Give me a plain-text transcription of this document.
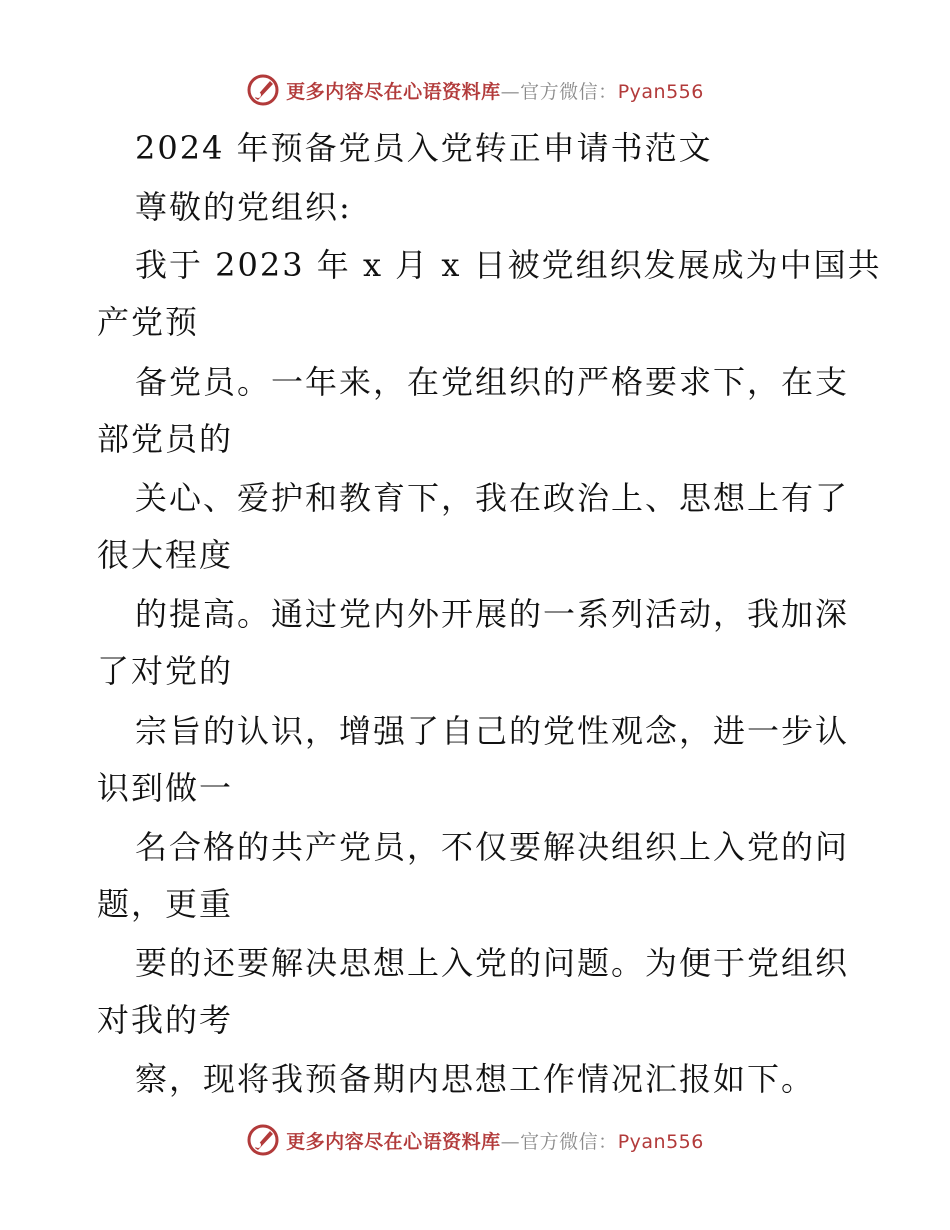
更多内容尽在心语资料库—官方微信：Pyan556
2024 年预备党员入党转正申请书范文
尊敬的党组织:
我于 2023 年 x 月 x 日被党组织发展成为中国共
产党预
备党员。一年来，在党组织的严格要求下，在支
部党员的
关心、爱护和教育下，我在政治上、思想上有了
很大程度
的提高。通过党内外开展的一系列活动，我加深
了对党的
宗旨的认识，增强了自己的党性观念，进一步认
识到做一
名合格的共产党员，不仅要解决组织上入党的问
题，更重
要的还要解决思想上入党的问题。为便于党组织
对我的考
察，现将我预备期内思想工作情况汇报如下。
更多内容尽在心语资料库—官方微信：Pyan556
